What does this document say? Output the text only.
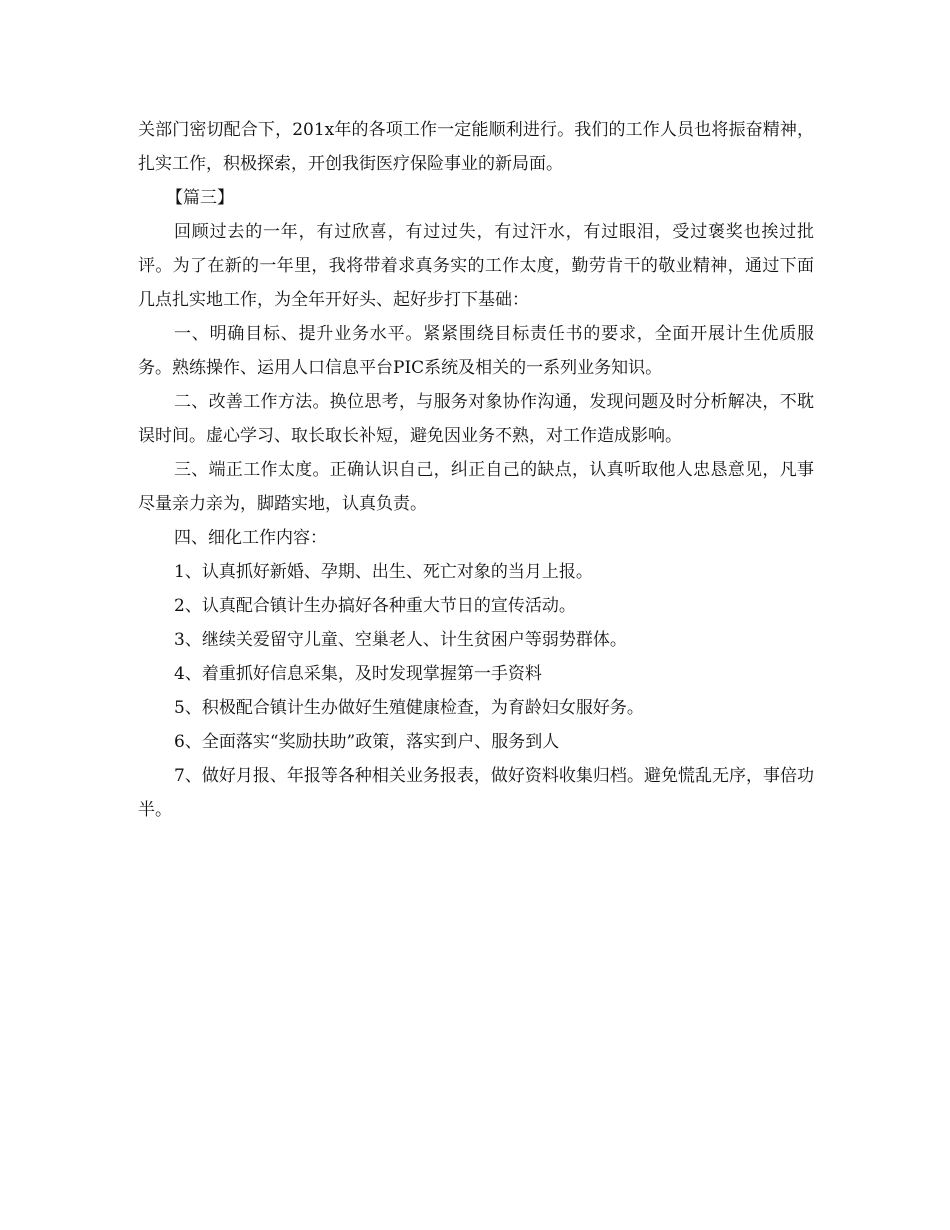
关部门密切配合下，201x年的各项工作一定能顺利进行。我们的工作人员也将振奋精神，扎实工作，积极探索，开创我街医疗保险事业的新局面。

【篇三】

回顾过去的一年，有过欣喜，有过过失，有过汗水，有过眼泪，受过褒奖也挨过批评。为了在新的一年里，我将带着求真务实的工作太度，勤劳肯干的敬业精神，通过下面几点扎实地工作，为全年开好头、起好步打下基础：

一、明确目标、提升业务水平。紧紧围绕目标责任书的要求，全面开展计生优质服务。熟练操作、运用人口信息平台PIC系统及相关的一系列业务知识。

二、改善工作方法。换位思考，与服务对象协作沟通，发现问题及时分析解决，不耽误时间。虚心学习、取长取长补短，避免因业务不熟，对工作造成影响。

三、端正工作太度。正确认识自己，纠正自己的缺点，认真听取他人忠恳意见，凡事尽量亲力亲为，脚踏实地，认真负责。

四、细化工作内容：

1、认真抓好新婚、孕期、出生、死亡对象的当月上报。

2、认真配合镇计生办搞好各种重大节日的宣传活动。

3、继续关爱留守儿童、空巢老人、计生贫困户等弱势群体。

4、着重抓好信息采集，及时发现掌握第一手资料

5、积极配合镇计生办做好生殖健康检查，为育龄妇女服好务。

6、全面落实“奖励扶助”政策，落实到户、服务到人

7、做好月报、年报等各种相关业务报表，做好资料收集归档。避免慌乱无序，事倍功半。
